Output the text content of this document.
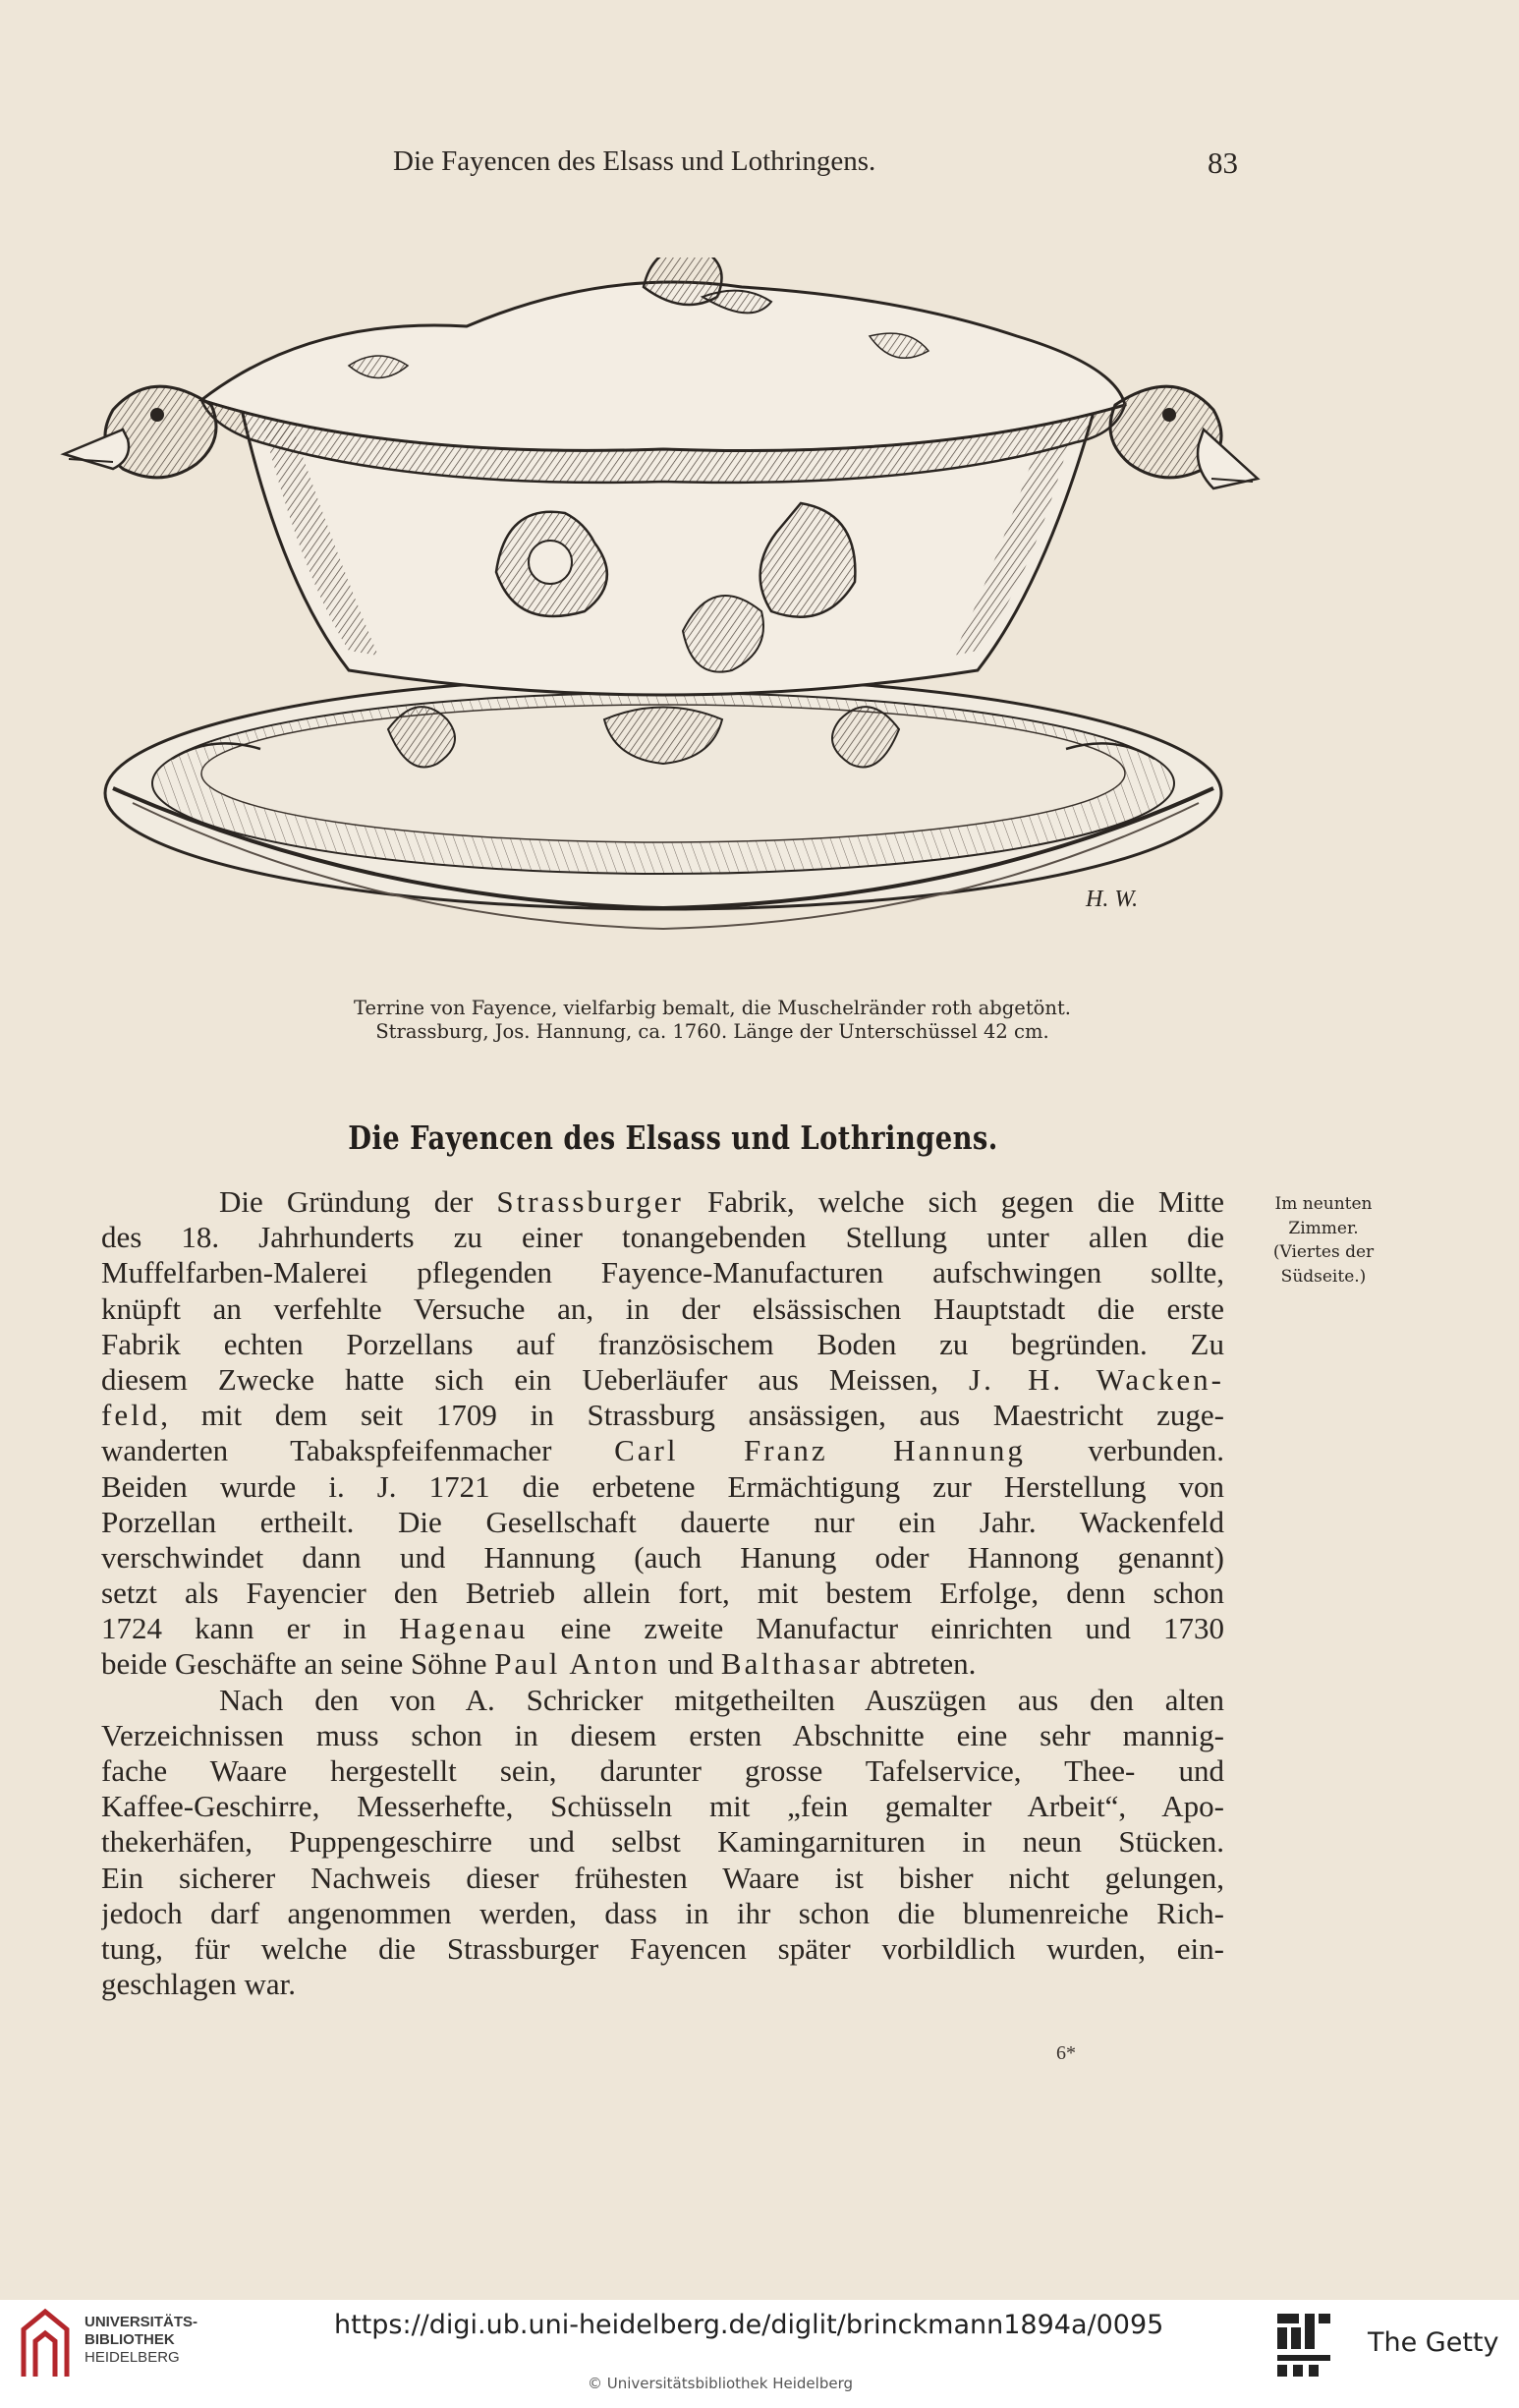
Die Fayencen des Elsass und Lothringens.	83
H. W.
Terrine von Fayence, vielfarbig bemalt, die Muschelränder roth abgetönt.
Strassburg, Jos. Hannung, ca. 1760. Länge der Unterschüssel 42 cm.
Die Fayencen des Elsass und Lothringens.
Im neunten
Zimmer.
(Viertes der
Südseite.)
Die Gründung der Strassburger Fabrik, welche sich gegen die Mitte
des 18. Jahrhunderts zu einer tonangebenden Stellung unter allen die
Muffelfarben-Malerei pflegenden Fayence-Manufacturen aufschwingen sollte,
knüpft an verfehlte Versuche an, in der elsässischen Hauptstadt die erste
Fabrik echten Porzellans auf französischem Boden zu begründen. Zu
diesem Zwecke hatte sich ein Ueberläufer aus Meissen, J. H. Wacken-
feld, mit dem seit 1709 in Strassburg ansässigen, aus Maestricht zuge-
wanderten Tabakspfeifenmacher Carl Franz Hannung verbunden.
Beiden wurde i. J. 1721 die erbetene Ermächtigung zur Herstellung von
Porzellan ertheilt. Die Gesellschaft dauerte nur ein Jahr. Wackenfeld
verschwindet dann und Hannung (auch Hanung oder Hannong genannt)
setzt als Fayencier den Betrieb allein fort, mit bestem Erfolge, denn schon
1724 kann er in Hagenau eine zweite Manufactur einrichten und 1730
beide Geschäfte an seine Söhne Paul Anton und Balthasar abtreten.
Nach den von A. Schricker mitgetheilten Auszügen aus den alten
Verzeichnissen muss schon in diesem ersten Abschnitte eine sehr mannig-
fache Waare hergestellt sein, darunter grosse Tafelservice, Thee- und
Kaffee-Geschirre, Messerhefte, Schüsseln mit „fein gemalter Arbeit“, Apo-
thekerhäfen, Puppengeschirre und selbst Kamingarnituren in neun Stücken.
Ein sicherer Nachweis dieser frühesten Waare ist bisher nicht gelungen,
jedoch darf angenommen werden, dass in ihr schon die blumenreiche Rich-
tung, für welche die Strassburger Fayencen später vorbildlich wurden, ein-
geschlagen war.
6*
UNIVERSITÄTS-
BIBLIOTHEK
HEIDELBERG
https://digi.ub.uni-heidelberg.de/diglit/brinckmann1894a/0095
© Universitätsbibliothek Heidelberg
The Getty
